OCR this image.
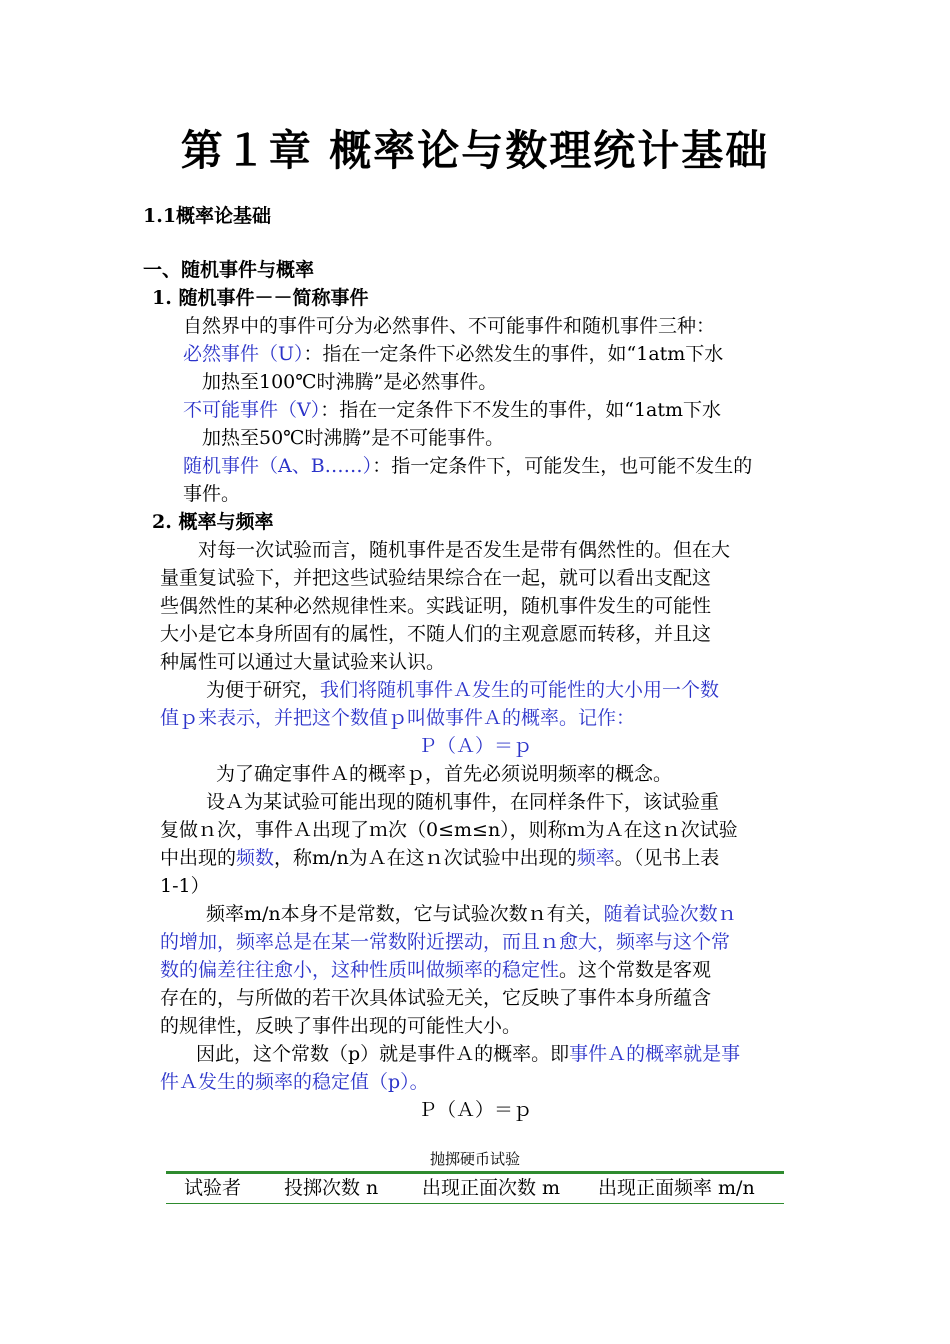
第１章 概率论与数理统计基础
1.1概率论基础
一、随机事件与概率
1. 随机事件－－简称事件
自然界中的事件可分为必然事件、不可能事件和随机事件三种：
必然事件（U）：指在一定条件下必然发生的事件，如“1atm下水
加热至100℃时沸腾”是必然事件。
不可能事件（V）：指在一定条件下不发生的事件，如“1atm下水
加热至50℃时沸腾”是不可能事件。
随机事件（A、B……）：指一定条件下，可能发生，也可能不发生的
事件。
2. 概率与频率
对每一次试验而言，随机事件是否发生是带有偶然性的。但在大
量重复试验下，并把这些试验结果综合在一起，就可以看出支配这
些偶然性的某种必然规律性来。实践证明，随机事件发生的可能性
大小是它本身所固有的属性，不随人们的主观意愿而转移，并且这
种属性可以通过大量试验来认识。
为便于研究，我们将随机事件Ａ发生的可能性的大小用一个数
值ｐ来表示，并把这个数值ｐ叫做事件Ａ的概率。记作：
Ｐ（Ａ）＝ｐ
为了确定事件Ａ的概率ｐ，首先必须说明频率的概念。
设Ａ为某试验可能出现的随机事件，在同样条件下，该试验重
复做ｎ次，事件Ａ出现了ｍ次（0≤m≤n），则称ｍ为Ａ在这ｎ次试验
中出现的频数，称m/n为Ａ在这ｎ次试验中出现的频率。（见书上表
1-1）
频率m/n本身不是常数，它与试验次数ｎ有关，随着试验次数ｎ
的增加，频率总是在某一常数附近摆动，而且ｎ愈大，频率与这个常
数的偏差往往愈小，这种性质叫做频率的稳定性。这个常数是客观
存在的，与所做的若干次具体试验无关，它反映了事件本身所蕴含
的规律性，反映了事件出现的可能性大小。
因此，这个常数（p）就是事件Ａ的概率。即事件Ａ的概率就是事
件Ａ发生的频率的稳定值（p）。
Ｐ（Ａ）＝ｐ
抛掷硬币试验
试验者 投掷次数 n 出现正面次数 m 出现正面频率 m/n
